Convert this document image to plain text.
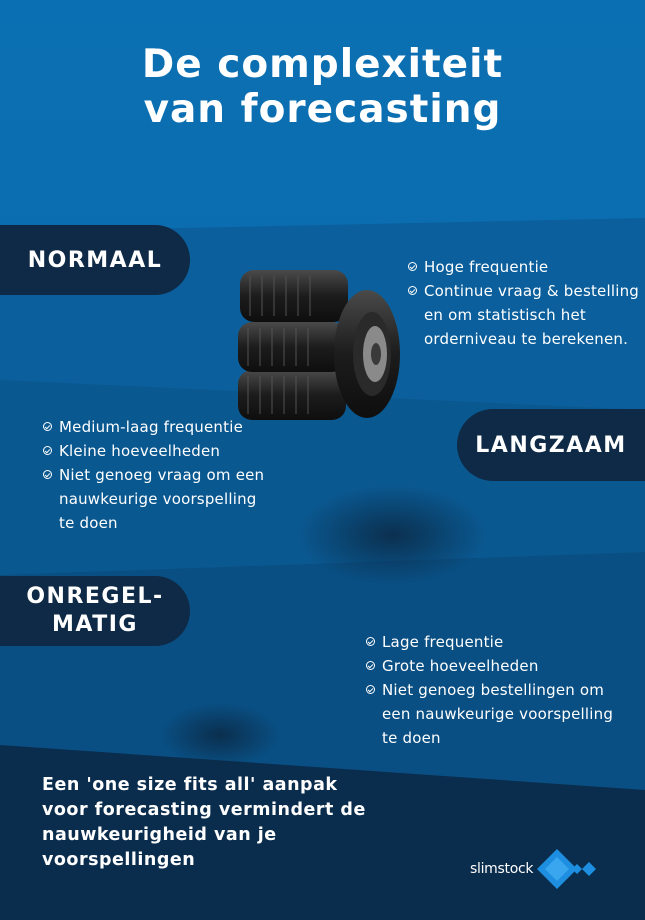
De complexiteit
van forecasting
NORMAAL	Hoge frequentie
Continue vraag & bestelling
en om statistisch het
orderniveau te berekenen.
Medium-laag frequentie
Kleine hoeveelheden
Niet genoeg vraag om een
nauwkeurige voorspelling
te doen
LANGZAAM
ONREGEL-
MATIG
Lage frequentie
Grote hoeveelheden
Niet genoeg bestellingen om
een nauwkeurige voorspelling
te doen

Een 'one size fits all' aanpak voor forecasting vermindert de nauwkeurigheid van je voorspellingen	slimstock
